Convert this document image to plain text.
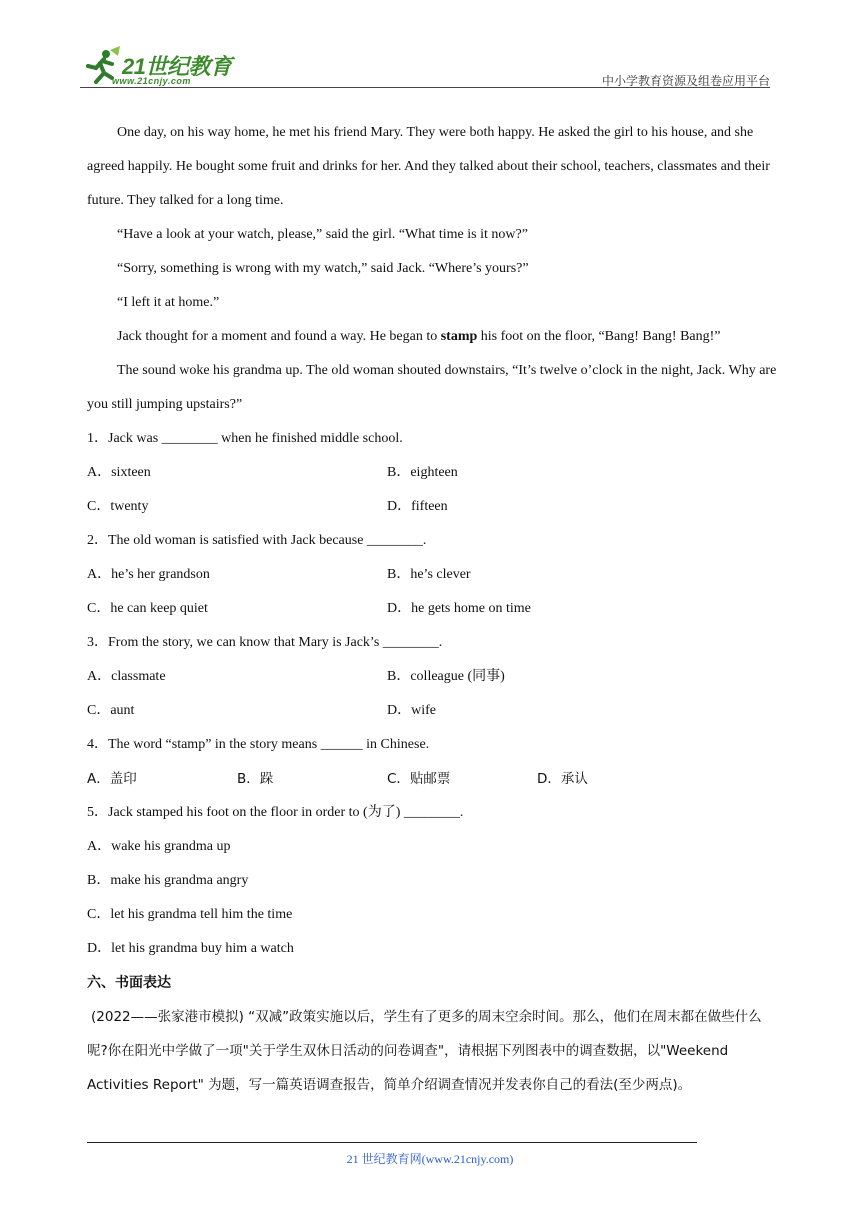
21世纪教育
www.21cnjy.com	中小学教育资源及组卷应用平台

One day, on his way home, he met his friend Mary. They were both happy. He asked the girl to his house, and she agreed happily. He bought some fruit and drinks for her. And they talked about their school, teachers, classmates and their future. They talked for a long time.

“Have a look at your watch, please,” said the girl. “What time is it now?”

“Sorry, something is wrong with my watch,” said Jack. “Where’s yours?”

“I left it at home.”

Jack thought for a moment and found a way. He began to stamp his foot on the floor, “Bang! Bang! Bang!”

The sound woke his grandma up. The old woman shouted downstairs, “It’s twelve o’clock in the night, Jack. Why are you still jumping upstairs?”

1．Jack was ________ when he finished middle school.

A．sixteen	B．eighteen
C．twenty	D．fifteen

2．The old woman is satisfied with Jack because ________.

A．he’s her grandson	B．he’s clever
C．he can keep quiet	D．he gets home on time

3．From the story, we can know that Mary is Jack’s ________.

A．classmate	B．colleague (同事)
C．aunt	D．wife

4．The word “stamp” in the story means ______ in Chinese.

A．盖印	B．跺	C．贴邮票	D．承认

5．Jack stamped his foot on the floor in order to (为了) ________.

A．wake his grandma up

B．make his grandma angry

C．let his grandma tell him the time

D．let his grandma buy him a watch

六、书面表达

(2022——张家港市模拟) “双减”政策实施以后，学生有了更多的周末空余时间。那么，他们在周末都在做些什么呢?你在阳光中学做了一项"关于学生双休日活动的问卷调查"，请根据下列图表中的调查数据，以"Weekend Activities Report" 为题，写一篇英语调查报告，简单介绍调查情况并发表你自己的看法(至少两点)。

21 世纪教育网(www.21cnjy.com)
